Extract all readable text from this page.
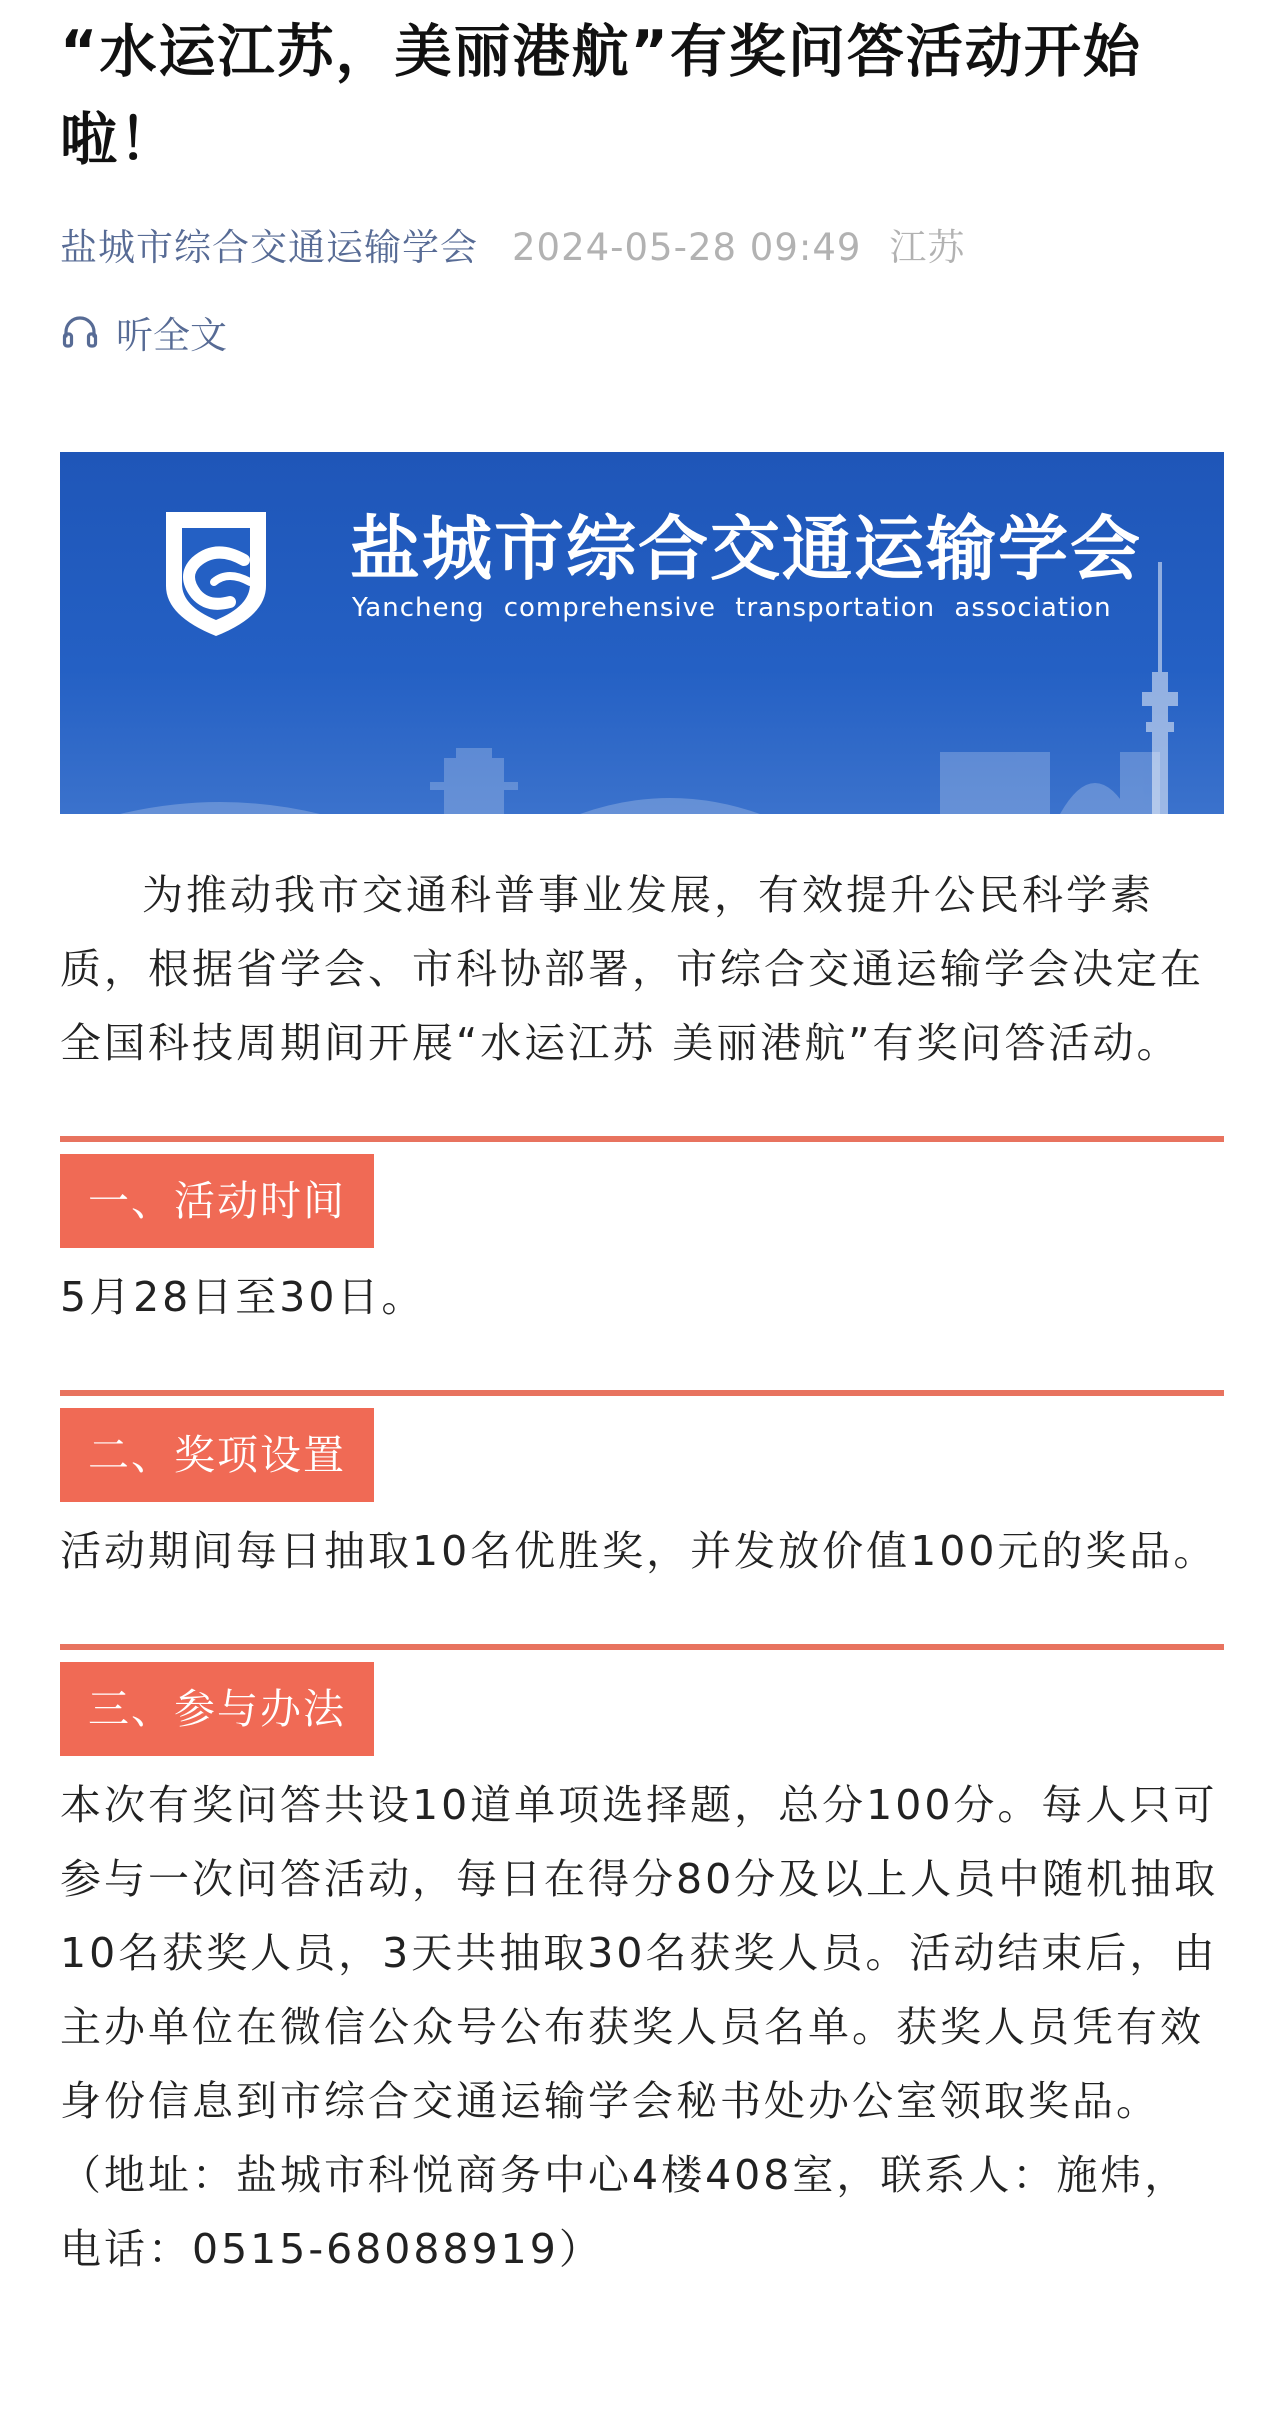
“水运江苏，美丽港航”有奖问答活动开始啦！
盐城市综合交通运输学会 2024-05-28 09:49 江苏
听全文
盐城市综合交通运输学会
Yancheng comprehensive transportation association

为推动我市交通科普事业发展，有效提升公民科学素质，根据省学会、市科协部署，市综合交通运输学会决定在全国科技周期间开展“水运江苏 美丽港航”有奖问答活动。

一、活动时间

5月28日至30日。

二、奖项设置

活动期间每日抽取10名优胜奖，并发放价值100元的奖品。

三、参与办法

本次有奖问答共设10道单项选择题，总分100分。每人只可参与一次问答活动，每日在得分80分及以上人员中随机抽取10名获奖人员，3天共抽取30名获奖人员。活动结束后，由主办单位在微信公众号公布获奖人员名单。获奖人员凭有效身份信息到市综合交通运输学会秘书处办公室领取奖品。（地址：盐城市科悦商务中心4楼408室，联系人：施炜，电话：0515-68088919）
